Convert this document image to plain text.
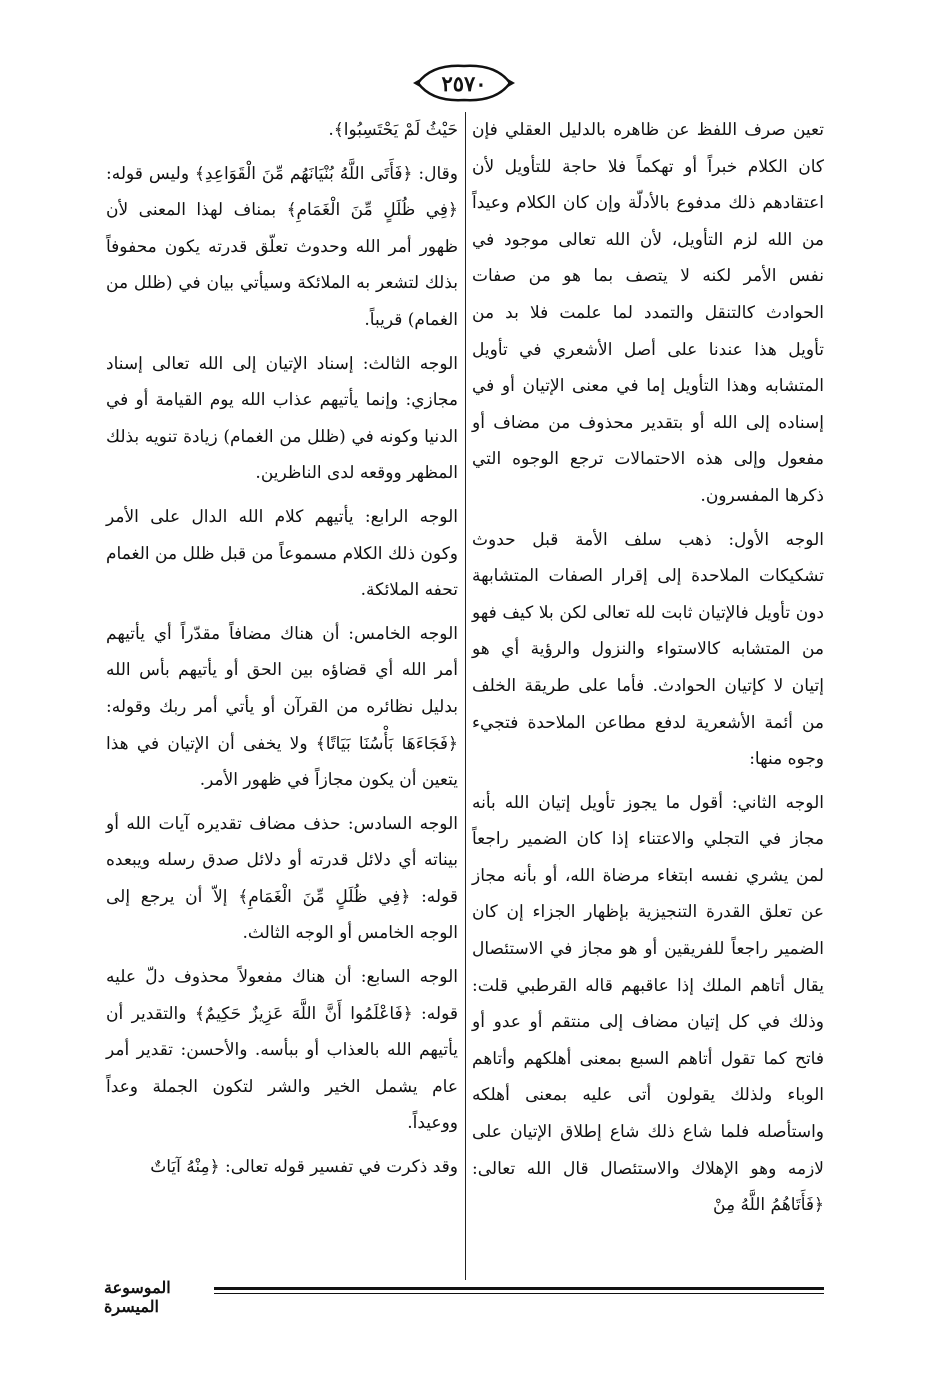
٢٥٧٠

تعين صرف اللفظ عن ظاهره بالدليل العقلي فإن كان الكلام خبراً أو تهكماً فلا حاجة للتأويل لأن اعتقادهم ذلك مدفوع بالأدلّة وإن كان الكلام وعيداً من الله لزم التأويل، لأن الله تعالى موجود في نفس الأمر لكنه لا يتصف بما هو من صفات الحوادث كالتنقل والتمدد لما علمت فلا بد من تأويل هذا عندنا على أصل الأشعري في تأويل المتشابه وهذا التأويل إما في معنى الإتيان أو في إسناده إلى الله أو بتقدير محذوف من مضاف أو مفعول وإلى هذه الاحتمالات ترجع الوجوه التي ذكرها المفسرون.

الوجه الأول: ذهب سلف الأمة قبل حدوث تشكيكات الملاحدة إلى إقرار الصفات المتشابهة دون تأويل فالإتيان ثابت لله تعالى لكن بلا كيف فهو من المتشابه كالاستواء والنزول والرؤية أي هو إتيان لا كإتيان الحوادث. فأما على طريقة الخلف من أئمة الأشعرية لدفع مطاعن الملاحدة فتجيء وجوه منها:

الوجه الثاني: أقول ما يجوز تأويل إتيان الله بأنه مجاز في التجلي والاعتناء إذا كان الضمير راجعاً لمن يشري نفسه ابتغاء مرضاة الله، أو بأنه مجاز عن تعلق القدرة التنجيزية بإظهار الجزاء إن كان الضمير راجعاً للفريقين أو هو مجاز في الاستئصال يقال أتاهم الملك إذا عاقبهم قاله القرطبي قلت: وذلك في كل إتيان مضاف إلى منتقم أو عدو أو فاتح كما تقول أتاهم السبع بمعنى أهلكهم وأتاهم الوباء ولذلك يقولون أتى عليه بمعنى أهلكه واستأصله فلما شاع ذلك شاع إطلاق الإتيان على لازمه وهو الإهلاك والاستئصال قال الله تعالى: ﴿فَأَتَاهُمُ اللَّهُ مِنْ

حَيْثُ لَمْ يَحْتَسِبُوا﴾.

وقال: ﴿فَأَتَى اللَّهُ بُنْيَانَهُم مِّنَ الْقَوَاعِدِ﴾ وليس قوله: ﴿فِي ظُلَلٍ مِّنَ الْغَمَامِ﴾ بمناف لهذا المعنى لأن ظهور أمر الله وحدوث تعلّق قدرته يكون محفوفاً بذلك لتشعر به الملائكة وسيأتي بيان في (ظلل من الغمام) قريباً.

الوجه الثالث: إسناد الإتيان إلى الله تعالى إسناد مجازي: وإنما يأتيهم عذاب الله يوم القيامة أو في الدنيا وكونه في (ظلل من الغمام) زيادة تنويه بذلك المظهر ووقعه لدى الناظرين.

الوجه الرابع: يأتيهم كلام الله الدال على الأمر وكون ذلك الكلام مسموعاً من قبل ظلل من الغمام تحفه الملائكة.

الوجه الخامس: أن هناك مضافاً مقدّراً أي يأتيهم أمر الله أي قضاؤه بين الحق أو يأتيهم بأس الله بدليل نظائره من القرآن أو يأتي أمر ربك وقوله: ﴿فَجَاءَهَا بَأْسُنَا بَيَاتًا﴾ ولا يخفى أن الإتيان في هذا يتعين أن يكون مجازاً في ظهور الأمر.

الوجه السادس: حذف مضاف تقديره آيات الله أو بيناته أي دلائل قدرته أو دلائل صدق رسله ويبعده قوله: ﴿فِي ظُلَلٍ مِّنَ الْغَمَامِ﴾ إلاّ أن يرجع إلى الوجه الخامس أو الوجه الثالث.

الوجه السابع: أن هناك مفعولاً محذوف دلّ عليه قوله: ﴿فَاعْلَمُوا أَنَّ اللَّهَ عَزِيزٌ حَكِيمٌ﴾ والتقدير أن يأتيهم الله بالعذاب أو ببأسه. والأحسن: تقدير أمر عام يشمل الخير والشر لتكون الجملة وعداً ووعيداً.

وقد ذكرت في تفسير قوله تعالى: ﴿مِنْهُ آيَاتٌ

الموسوعة الميسرة
